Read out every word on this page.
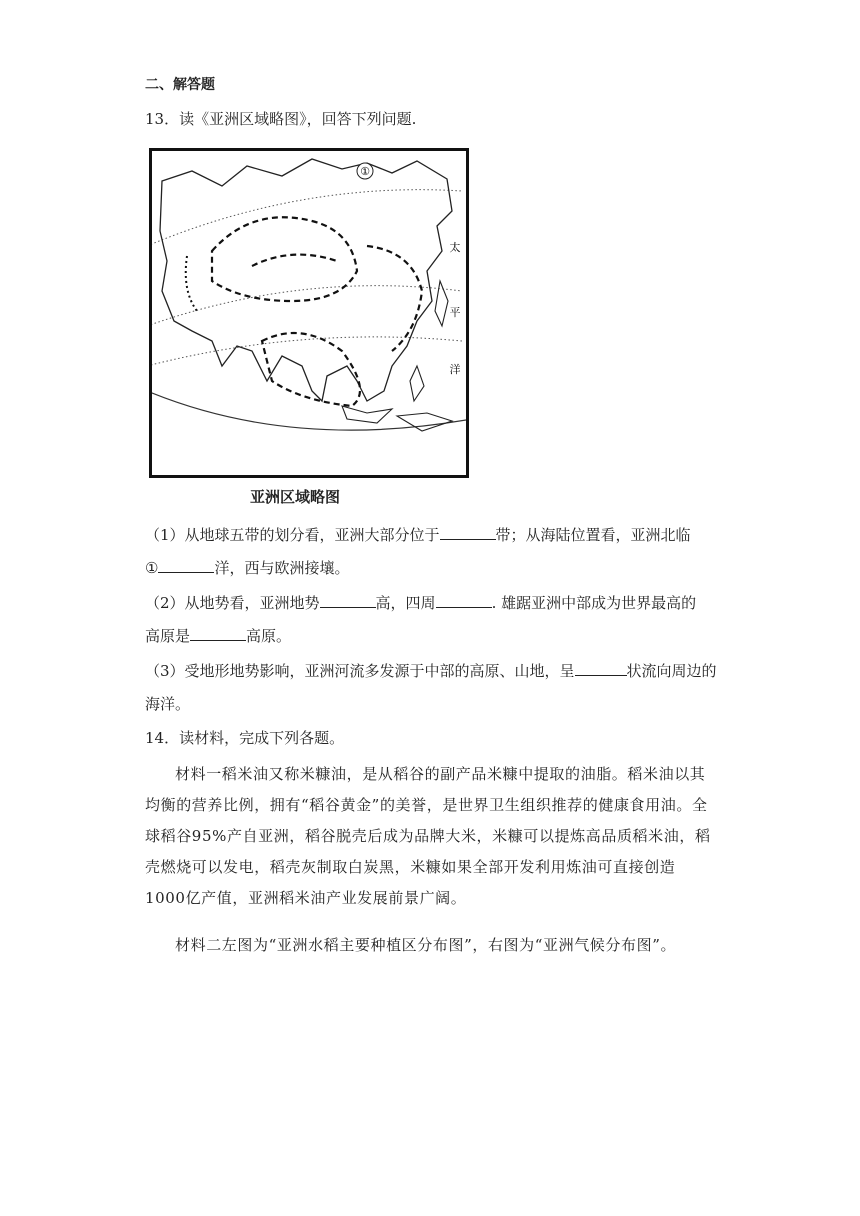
二、解答题
13．读《亚洲区域略图》，回答下列问题.
①
太
平
洋
亚洲区域略图
（1）从地球五带的划分看，亚洲大部分位于	带；从海陆位置看，亚洲北临
①	洋，西与欧洲接壤。
（2）从地势看，亚洲地势	高，四周	. 雄踞亚洲中部成为世界最高的
高原是	高原。
（3）受地形地势影响，亚洲河流多发源于中部的高原、山地，呈	状流向周边的
海洋。
14．读材料，完成下列各题。
材料一稻米油又称米糠油，是从稻谷的副产品米糠中提取的油脂。稻米油以其均衡的营养比例，拥有“稻谷黄金”的美誉，是世界卫生组织推荐的健康食用油。全球稻谷95%产自亚洲，稻谷脱壳后成为品牌大米，米糠可以提炼高品质稻米油，稻壳燃烧可以发电，稻壳灰制取白炭黑，米糠如果全部开发利用炼油可直接创造1000亿产值，亚洲稻米油产业发展前景广阔。
材料二左图为“亚洲水稻主要种植区分布图”，右图为“亚洲气候分布图”。
